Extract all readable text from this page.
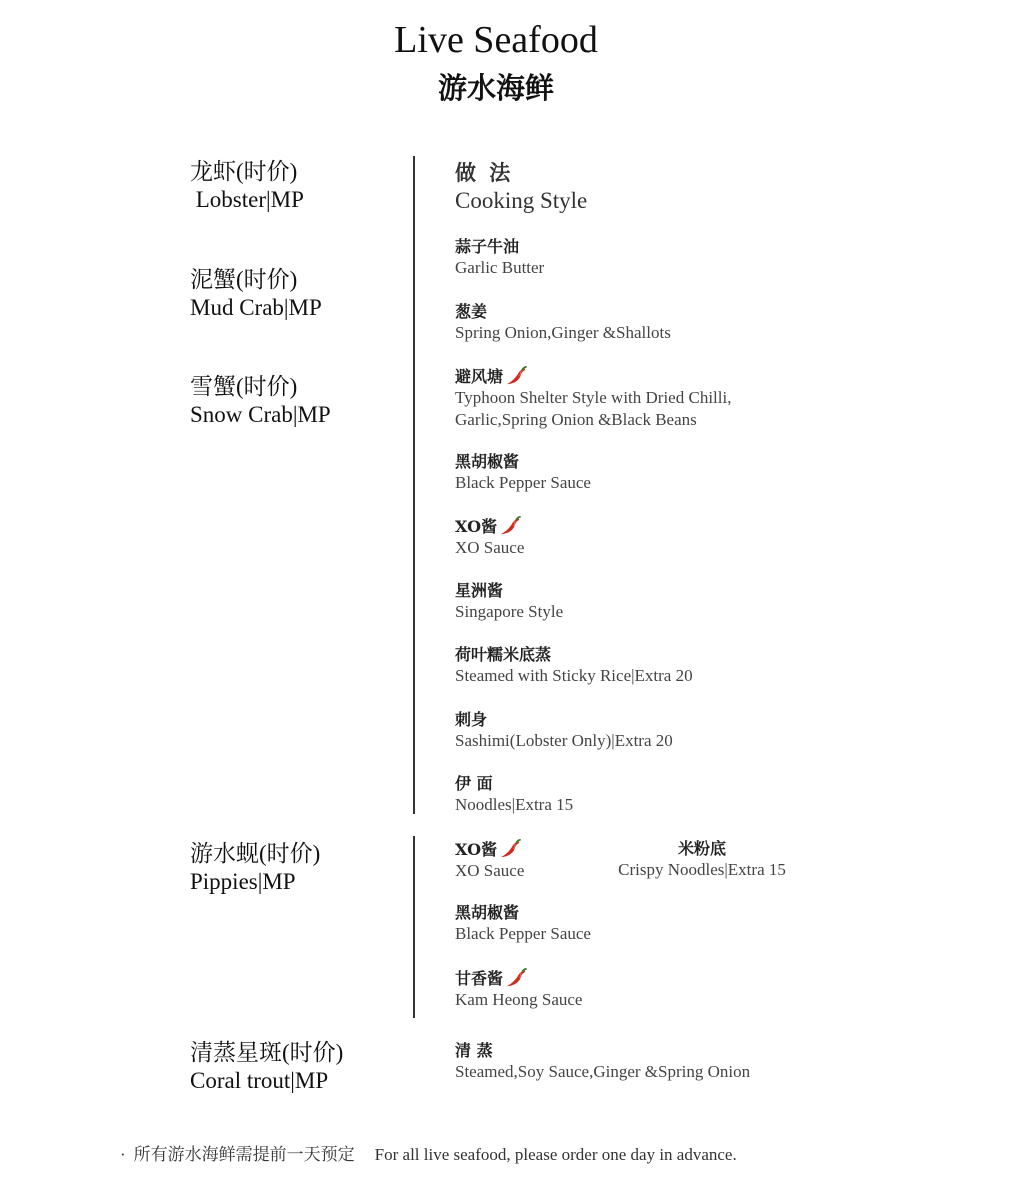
Live Seafood
游水海鲜
龙虾(时价)
Lobster|MP
泥蟹(时价)
Mud Crab|MP
雪蟹(时价)
Snow Crab|MP
游水蚬(时价)
Pippies|MP
清蒸星斑(时价)
Coral trout|MP
做 法
Cooking Style
蒜子牛油
Garlic Butter
葱姜
Spring Onion,Ginger &Shallots
避风塘
Typhoon Shelter Style with Dried Chilli,
Garlic,Spring Onion &Black Beans
黑胡椒酱
Black Pepper Sauce
XO酱
XO Sauce
星洲酱
Singapore Style
荷叶糯米底蒸
Steamed with Sticky Rice|Extra 20
刺身
Sashimi(Lobster Only)|Extra 20
伊 面
Noodles|Extra 15
XO酱
XO Sauce
米粉底
Crispy Noodles|Extra 15
黑胡椒酱
Black Pepper Sauce
甘香酱
Kam Heong Sauce
清 蒸
Steamed,Soy Sauce,Ginger &Spring Onion
· 所有游水海鲜需提前一天预定 For all live seafood, please order one day in advance.
